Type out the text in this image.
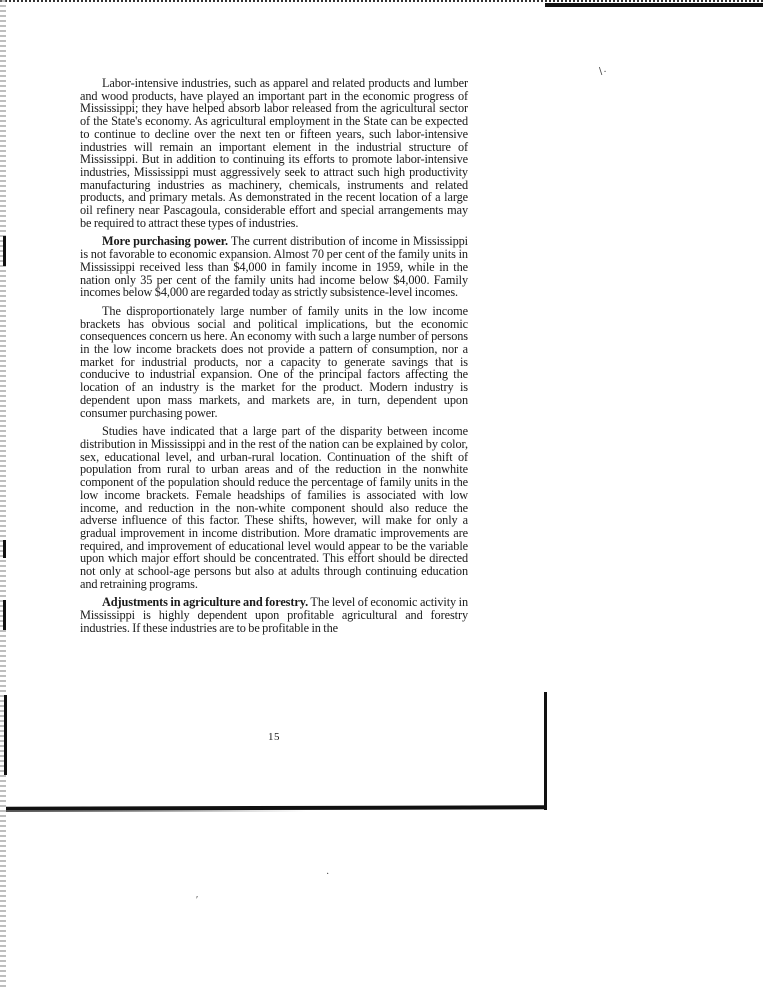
∖·
·
′

Labor-intensive industries, such as apparel and related products and lumber and wood products, have played an important part in the economic progress of Mississippi; they have helped absorb labor released from the agricultural sector of the State's economy. As agricultural employment in the State can be expected to continue to decline over the next ten or fifteen years, such labor-intensive industries will remain an important element in the industrial structure of Mississippi. But in addition to continuing its efforts to promote labor-intensive industries, Mississippi must aggressively seek to attract such high productivity manufacturing industries as machinery, chemicals, instruments and related products, and primary metals. As demonstrated in the recent location of a large oil refinery near Pascagoula, considerable effort and special arrangements may be required to attract these types of industries.

More purchasing power. The current distribution of income in Mississippi is not favorable to economic expansion. Almost 70 per cent of the family units in Mississippi received less than $4,000 in family income in 1959, while in the nation only 35 per cent of the family units had income below $4,000. Family incomes below $4,000 are regarded today as strictly subsistence-level incomes.

The disproportionately large number of family units in the low income brackets has obvious social and political implications, but the economic consequences concern us here. An economy with such a large number of persons in the low income brackets does not provide a pattern of consumption, nor a market for industrial products, nor a capacity to generate savings that is conducive to industrial expansion. One of the principal factors affecting the location of an industry is the market for the product. Modern industry is dependent upon mass markets, and markets are, in turn, dependent upon consumer purchasing power.

Studies have indicated that a large part of the disparity between income distribution in Mississippi and in the rest of the nation can be explained by color, sex, educational level, and urban-rural location. Continuation of the shift of population from rural to urban areas and of the reduction in the nonwhite component of the population should reduce the percentage of family units in the low income brackets. Female headships of families is associated with low income, and reduction in the non-white component should also reduce the adverse influence of this factor. These shifts, however, will make for only a gradual improvement in income distribution. More dramatic improvements are required, and improvement of educational level would appear to be the variable upon which major effort should be concentrated. This effort should be directed not only at school-age persons but also at adults through continuing education and retraining programs.

Adjustments in agriculture and forestry. The level of economic activity in Mississippi is highly dependent upon profitable agricultural and forestry industries. If these industries are to be profitable in the

15
